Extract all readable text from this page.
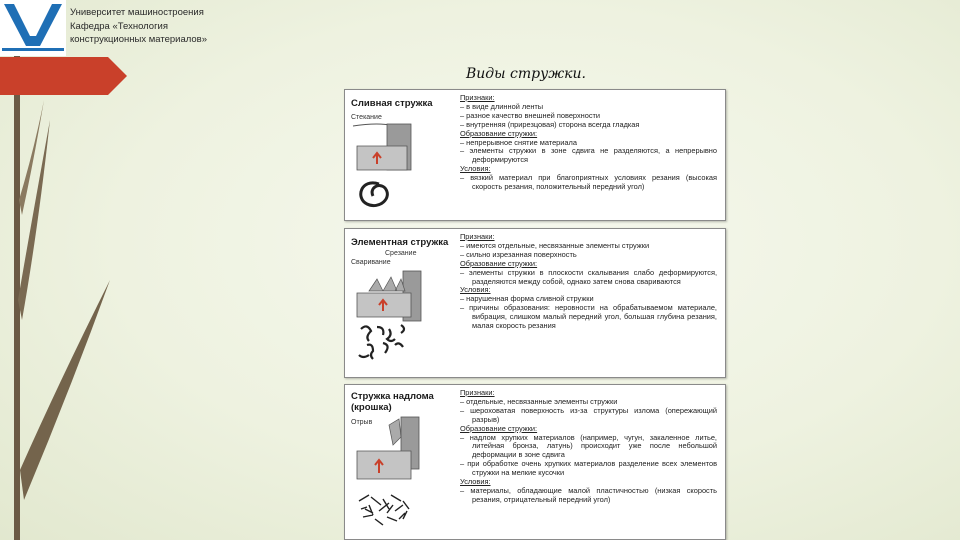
Университет машиностроения
Кафедра «Технология
конструкционных материалов»
Виды стружки.
Сливная стружка
Стекание
Признаки:
– в виде длинной ленты
– разное качество внешней поверхности
– внутренняя (прирезцовая) сторона всегда гладкая
Образование стружки:
– непрерывное снятие материала
– элементы стружки в зоне сдвига не разделяются, а непрерывно деформируются
Условия:
– вязкий материал при благоприятных условиях резания (высокая скорость резания, положительный передний угол)
Элементная стружка
Срезание
Сваривание
Признаки:
– имеются отдельные, несвязанные элементы стружки
– сильно изрезанная поверхность
Образование стружки:
– элементы стружки в плоскости скалывания слабо деформируются, разделяются между собой, однако затем снова свариваются
Условия:
– нарушенная форма сливной стружки
– причины образования: неровности на обрабатываемом материале, вибрация, слишком малый передний угол, большая глубина резания, малая скорость резания
Стружка надлома
(крошка)
Отрыв
Признаки:
– отдельные, несвязанные элементы стружки
– шероховатая поверхность из-за структуры излома (опережающий разрыв)
Образование стружки:
– надлом хрупких материалов (например, чугун, закаленное литье, литейная бронза, латунь) происходит уже после небольшой деформации в зоне сдвига
– при обработке очень хрупких материалов разделение всех элементов стружки на мелкие кусочки
Условия:
– материалы, обладающие малой пластичностью (низкая скорость резания, отрицательный передний угол)
